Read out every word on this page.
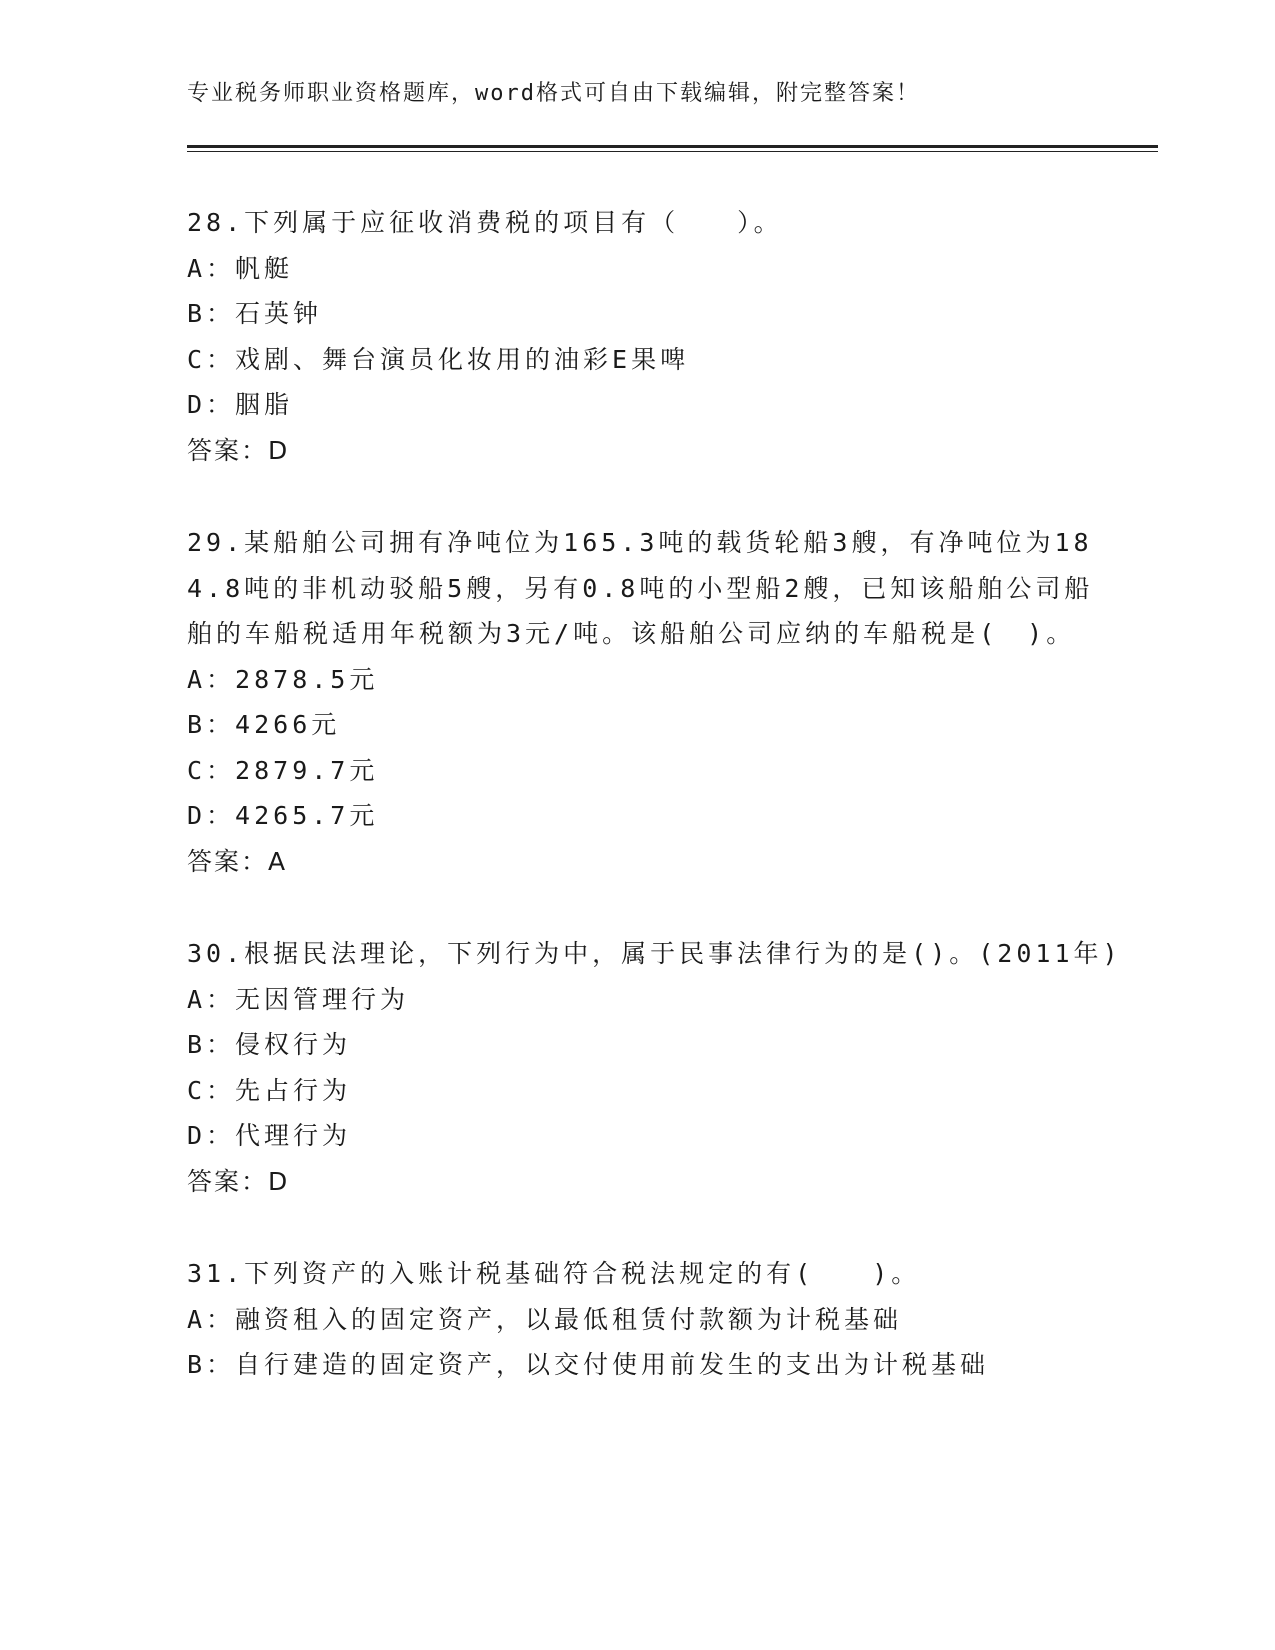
专业税务师职业资格题库，word格式可自由下载编辑，附完整答案！
28.下列属于应征收消费税的项目有（　　）。
A：帆艇
B：石英钟
C：戏剧、舞台演员化妆用的油彩E果啤
D：胭脂
答案：D
29.某船舶公司拥有净吨位为165.3吨的载货轮船3艘，有净吨位为184.8吨的非机动驳船5艘，另有0.8吨的小型船2艘，已知该船舶公司船舶的车船税适用年税额为3元/吨。该船舶公司应纳的车船税是(　)。
A：2878.5元
B：4266元
C：2879.7元
D：4265.7元
答案：A
30.根据民法理论，下列行为中，属于民事法律行为的是()。(2011年)
A：无因管理行为
B：侵权行为
C：先占行为
D：代理行为
答案：D
31.下列资产的入账计税基础符合税法规定的有(　　)。
A：融资租入的固定资产，以最低租赁付款额为计税基础
B：自行建造的固定资产，以交付使用前发生的支出为计税基础
